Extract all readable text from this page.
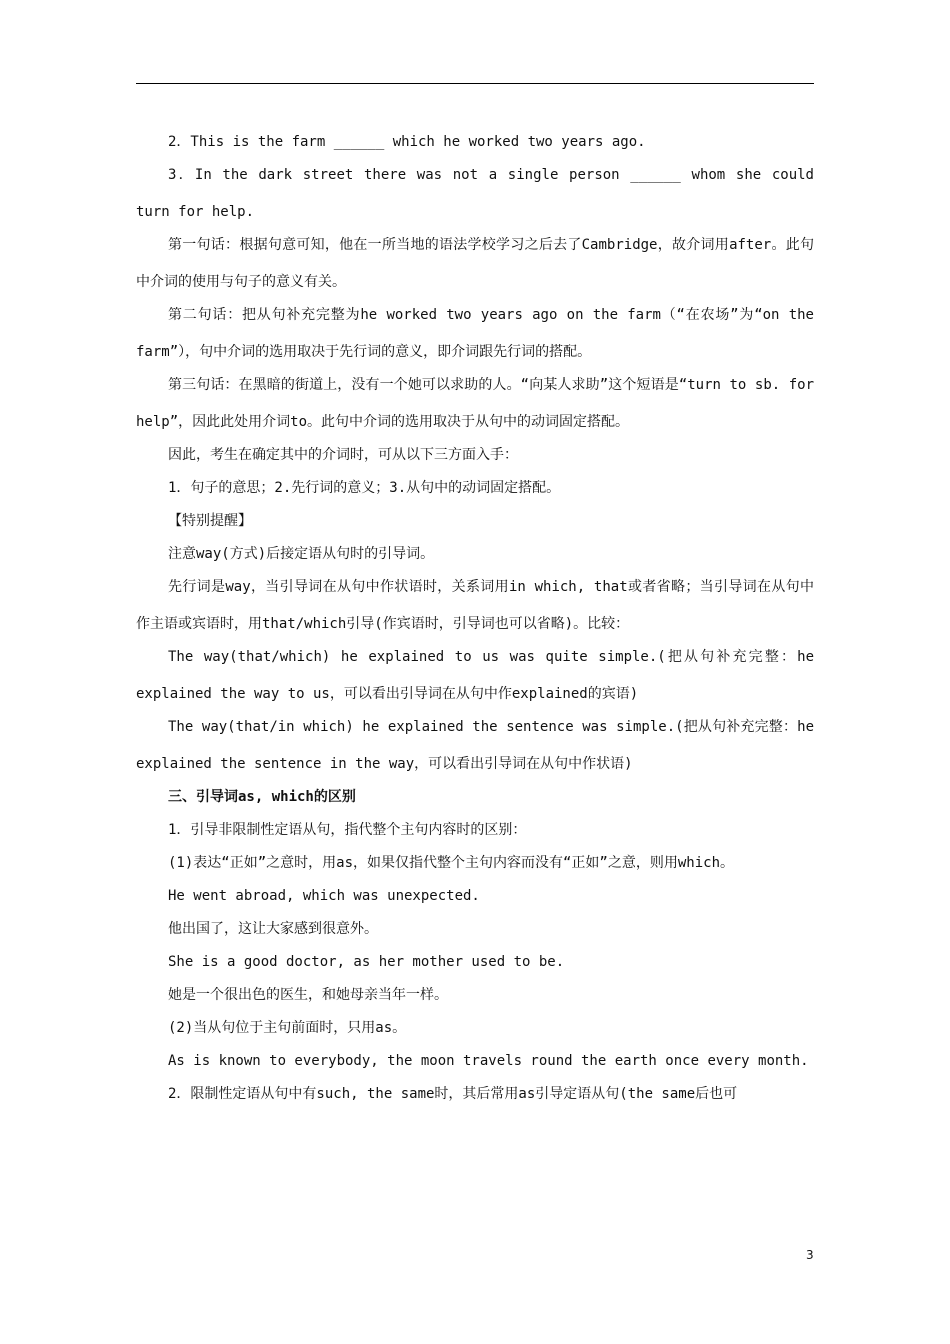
2．This is the farm ______ which he worked two years ago.

3．In the dark street there was not a single person ______ whom she could turn for help.

第一句话：根据句意可知，他在一所当地的语法学校学习之后去了Cambridge，故介词用after。此句中介词的使用与句子的意义有关。

第二句话：把从句补充完整为he worked two years ago on the farm（“在农场”为“on the farm”），句中介词的选用取决于先行词的意义，即介词跟先行词的搭配。

第三句话：在黑暗的街道上，没有一个她可以求助的人。“向某人求助”这个短语是“turn to sb. for help”，因此此处用介词to。此句中介词的选用取决于从句中的动词固定搭配。

因此，考生在确定其中的介词时，可从以下三方面入手：

1．句子的意思；2.先行词的意义；3.从句中的动词固定搭配。

【特别提醒】

注意way(方式)后接定语从句时的引导词。

先行词是way，当引导词在从句中作状语时，关系词用in which, that或者省略；当引导词在从句中作主语或宾语时，用that/which引导(作宾语时，引导词也可以省略)。比较：

The way(that/which) he explained to us was quite simple.(把从句补充完整：he explained the way to us，可以看出引导词在从句中作explained的宾语)

The way(that/in which) he explained the sentence was simple.(把从句补充完整：he explained the sentence in the way，可以看出引导词在从句中作状语)

三、引导词as, which的区别

1．引导非限制性定语从句，指代整个主句内容时的区别：

(1)表达“正如”之意时，用as，如果仅指代整个主句内容而没有“正如”之意，则用which。

He went abroad, which was unexpected.

他出国了，这让大家感到很意外。

She is a good doctor, as her mother used to be.

她是一个很出色的医生，和她母亲当年一样。

(2)当从句位于主句前面时，只用as。

As is known to everybody, the moon travels round the earth once every month.

2．限制性定语从句中有such, the same时，其后常用as引导定语从句(the same后也可

3
